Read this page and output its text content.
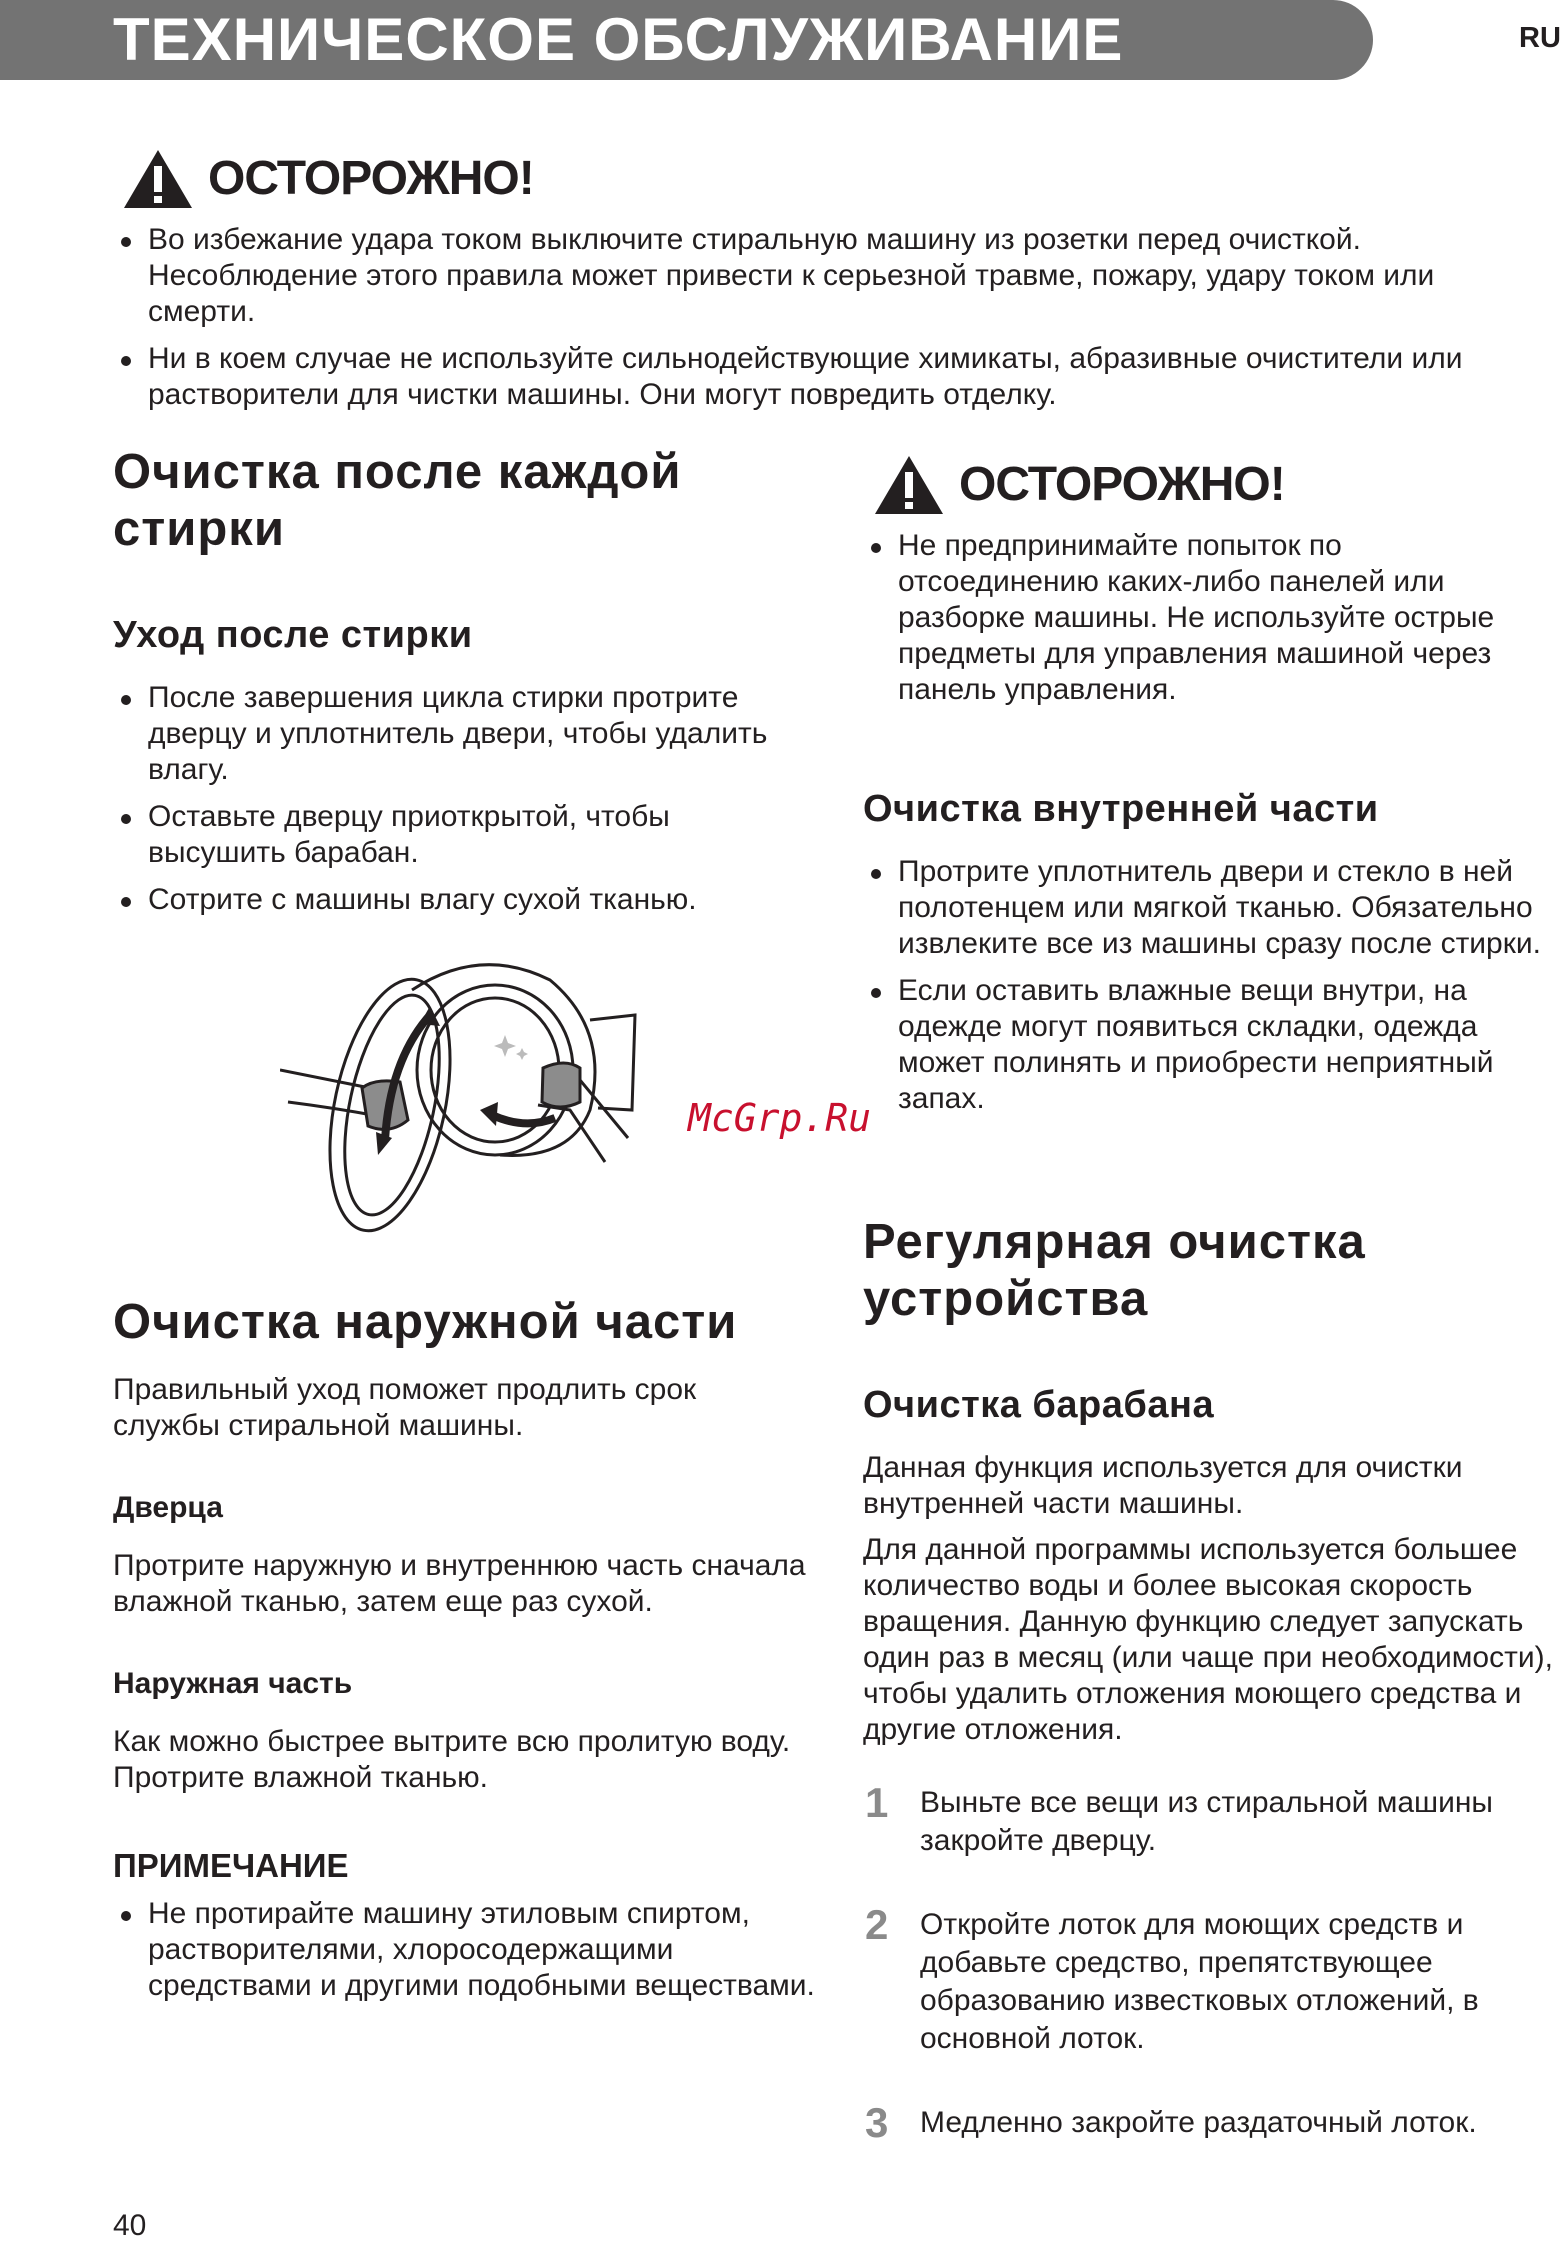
ТЕХНИЧЕСКОЕ ОБСЛУЖИВАНИЕ	RU
ОСТОРОЖНО!
Во избежание удара током выключите стиральную машину из розетки перед очисткой. Несоблюдение этого правила может привести к серьезной травме, пожару, удару током или смерти.
Ни в коем случае не используйте сильнодействующие химикаты, абразивные очистители или растворители для чистки машины. Они могут повредить отделку.
Очистка после каждой стирки
Уход после стирки
После завершения цикла стирки протрите дверцу и уплотнитель двери, чтобы удалить влагу.
Оставьте дверцу приоткрытой, чтобы высушить барабан.
Сотрите с машины влагу сухой тканью.
Очистка наружной части

Правильный уход поможет продлить срок службы стиральной машины.

Дверца

Протрите наружную и внутреннюю часть сначала влажной тканью, затем еще раз сухой.

Наружная часть

Как можно быстрее вытрите всю пролитую воду. Протрите влажной тканью.

ПРИМЕЧАНИЕ
Не протирайте машину этиловым спиртом, растворителями, хлоросодержащими средствами и другими подобными веществами.
ОСТОРОЖНО!
Не предпринимайте попыток по отсоединению каких-либо панелей или разборке машины. Не используйте острые предметы для управления машиной через панель управления.
Очистка внутренней части
Протрите уплотнитель двери и стекло в ней полотенцем или мягкой тканью. Обязательно извлеките все из машины сразу после стирки.
Если оставить влажные вещи внутри, на одежде могут появиться складки, одежда может полинять и приобрести неприятный запах.
McGrp.Ru
Регулярная очистка устройства
Очистка барабана

Данная функция используется для очистки внутренней части машины.

Для данной программы используется большее количество воды и более высокая скорость вращения. Данную функцию следует запускать один раз в месяц (или чаще при необходимости), чтобы удалить отложения моющего средства и другие отложения.

1 Выньте все вещи из стиральной машины закройте дверцу.

2 Откройте лоток для моющих средств и добавьте средство, препятствующее образованию известковых отложений, в основной лоток.

3 Медленно закройте раздаточный лоток.

40
